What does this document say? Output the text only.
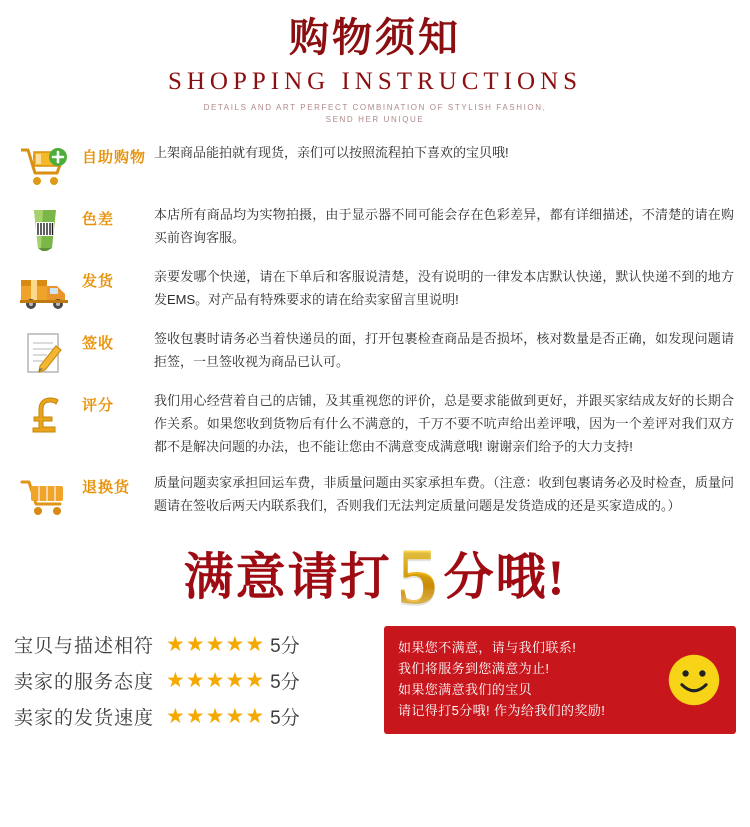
购物须知
SHOPPING INSTRUCTIONS
DETAILS AND ART PERFECT COMBINATION OF STYLISH FASHION,
SEND HER UNIQUE
自助购物 上架商品能拍就有现货，亲们可以按照流程拍下喜欢的宝贝哦!
色差	本店所有商品均为实物拍摄，由于显示器不同可能会存在色彩差异，都有详细描述，不清楚的请在购买前咨询客服。
发货	亲要发哪个快递，请在下单后和客服说清楚，没有说明的一律发本店默认快递，默认快递不到的地方发EMS。对产品有特殊要求的请在给卖家留言里说明!
签收	签收包裹时请务必当着快递员的面，打开包裹检查商品是否损坏，核对数量是否正确，如发现问题请拒签，一旦签收视为商品已认可。
评分	我们用心经营着自己的店铺，及其重视您的评价，总是要求能做到更好，并跟买家结成友好的长期合作关系。如果您收到货物后有什么不满意的，千万不要不吭声给出差评哦，因为一个差评对我们双方都不是解决问题的办法，也不能让您由不满意变成满意哦! 谢谢亲们给予的大力支持!
退换货	质量问题卖家承担回运车费，非质量问题由买家承担车费。（注意：收到包裹请务必及时检查，质量问题请在签收后两天内联系我们，否则我们无法判定质量问题是发货造成的还是买家造成的。）
满意请打5 分哦!
宝贝与描述相符 ★ ★ ★ ★ ★ 5分
卖家的服务态度 ★ ★ ★ ★ ★ 5分
卖家的发货速度 ★ ★ ★ ★ ★ 5分
如果您不满意，请与我们联系!
我们将服务到您满意为止!
如果您满意我们的宝贝
请记得打5分哦! 作为给我们的奖励!
